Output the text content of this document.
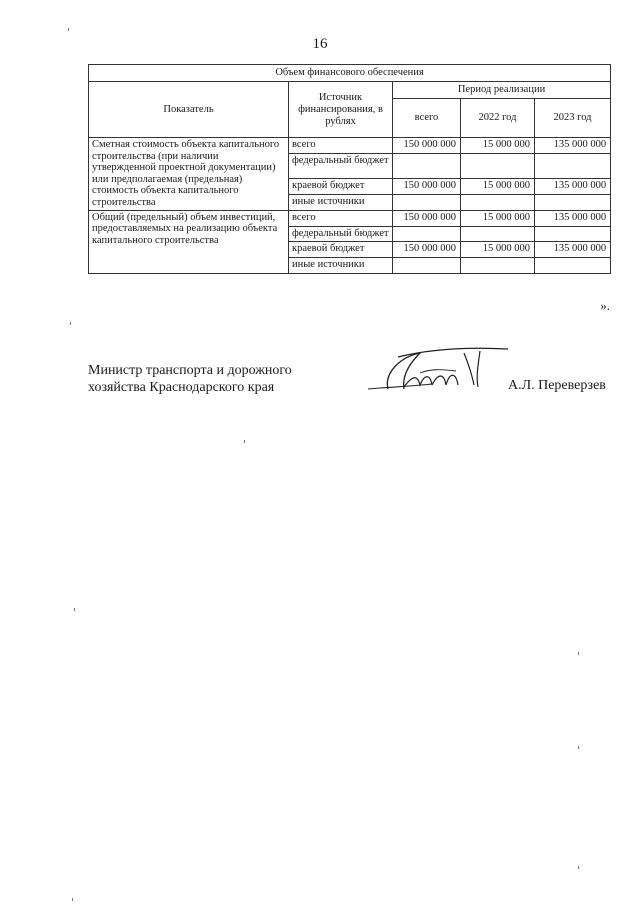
16
Объем финансового обеспечения				
Показатель	Источник финансирования, в рублях	Период реализации		
		всего	2022 год	2023 год
Сметная стоимость объекта капитального строительства (при наличии утвержденной проектной документации) или предполагаемая (предельная) стоимость объекта капитального строительства	всего	150 000 000	15 000 000	135 000 000
	федеральный бюджет			
	краевой бюджет	150 000 000	15 000 000	135 000 000
	иные источники			
Общий (предельный) объем инвестиций, предоставляемых на реализацию объекта капитального строительства	всего	150 000 000	15 000 000	135 000 000
	федеральный бюджет			
	краевой бюджет	150 000 000	15 000 000	135 000 000
	иные источники			
».
Министр транспорта и дорожного
хозяйства Краснодарского края	А.Л. Переверзев
